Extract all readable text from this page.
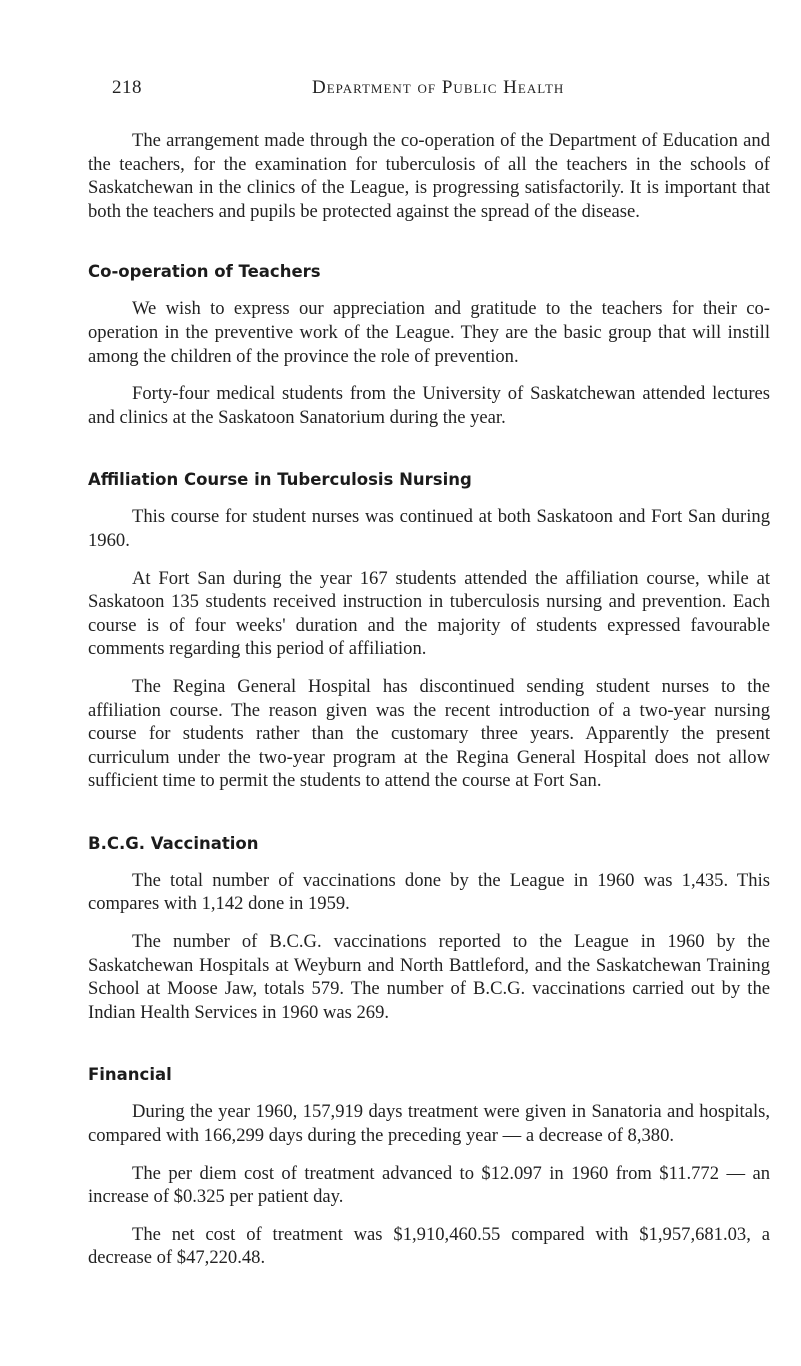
218	Department of Public Health

The arrangement made through the co-operation of the Department of Education and the teachers, for the examination for tuberculosis of all the teachers in the schools of Saskatchewan in the clinics of the League, is progressing satisfactorily. It is important that both the teachers and pupils be protected against the spread of the disease.

Co-operation of Teachers

We wish to express our appreciation and gratitude to the teachers for their co-operation in the preventive work of the League. They are the basic group that will instill among the children of the province the role of prevention.

Forty-four medical students from the University of Saskatchewan attended lectures and clinics at the Saskatoon Sanatorium during the year.

Affiliation Course in Tuberculosis Nursing

This course for student nurses was continued at both Saskatoon and Fort San during 1960.

At Fort San during the year 167 students attended the affiliation course, while at Saskatoon 135 students received instruction in tuberculosis nursing and prevention. Each course is of four weeks' duration and the majority of students expressed favourable comments regarding this period of affiliation.

The Regina General Hospital has discontinued sending student nurses to the affiliation course. The reason given was the recent introduction of a two-year nursing course for students rather than the customary three years. Apparently the present curriculum under the two-year program at the Regina General Hospital does not allow sufficient time to permit the students to attend the course at Fort San.

B.C.G. Vaccination

The total number of vaccinations done by the League in 1960 was 1,435. This compares with 1,142 done in 1959.

The number of B.C.G. vaccinations reported to the League in 1960 by the Saskatchewan Hospitals at Weyburn and North Battleford, and the Saskatchewan Training School at Moose Jaw, totals 579. The number of B.C.G. vaccinations carried out by the Indian Health Services in 1960 was 269.

Financial

During the year 1960, 157,919 days treatment were given in Sanatoria and hospitals, compared with 166,299 days during the preceding year — a decrease of 8,380.

The per diem cost of treatment advanced to $12.097 in 1960 from $11.772 — an increase of $0.325 per patient day.

The net cost of treatment was $1,910,460.55 compared with $1,957,681.03, a decrease of $47,220.48.
